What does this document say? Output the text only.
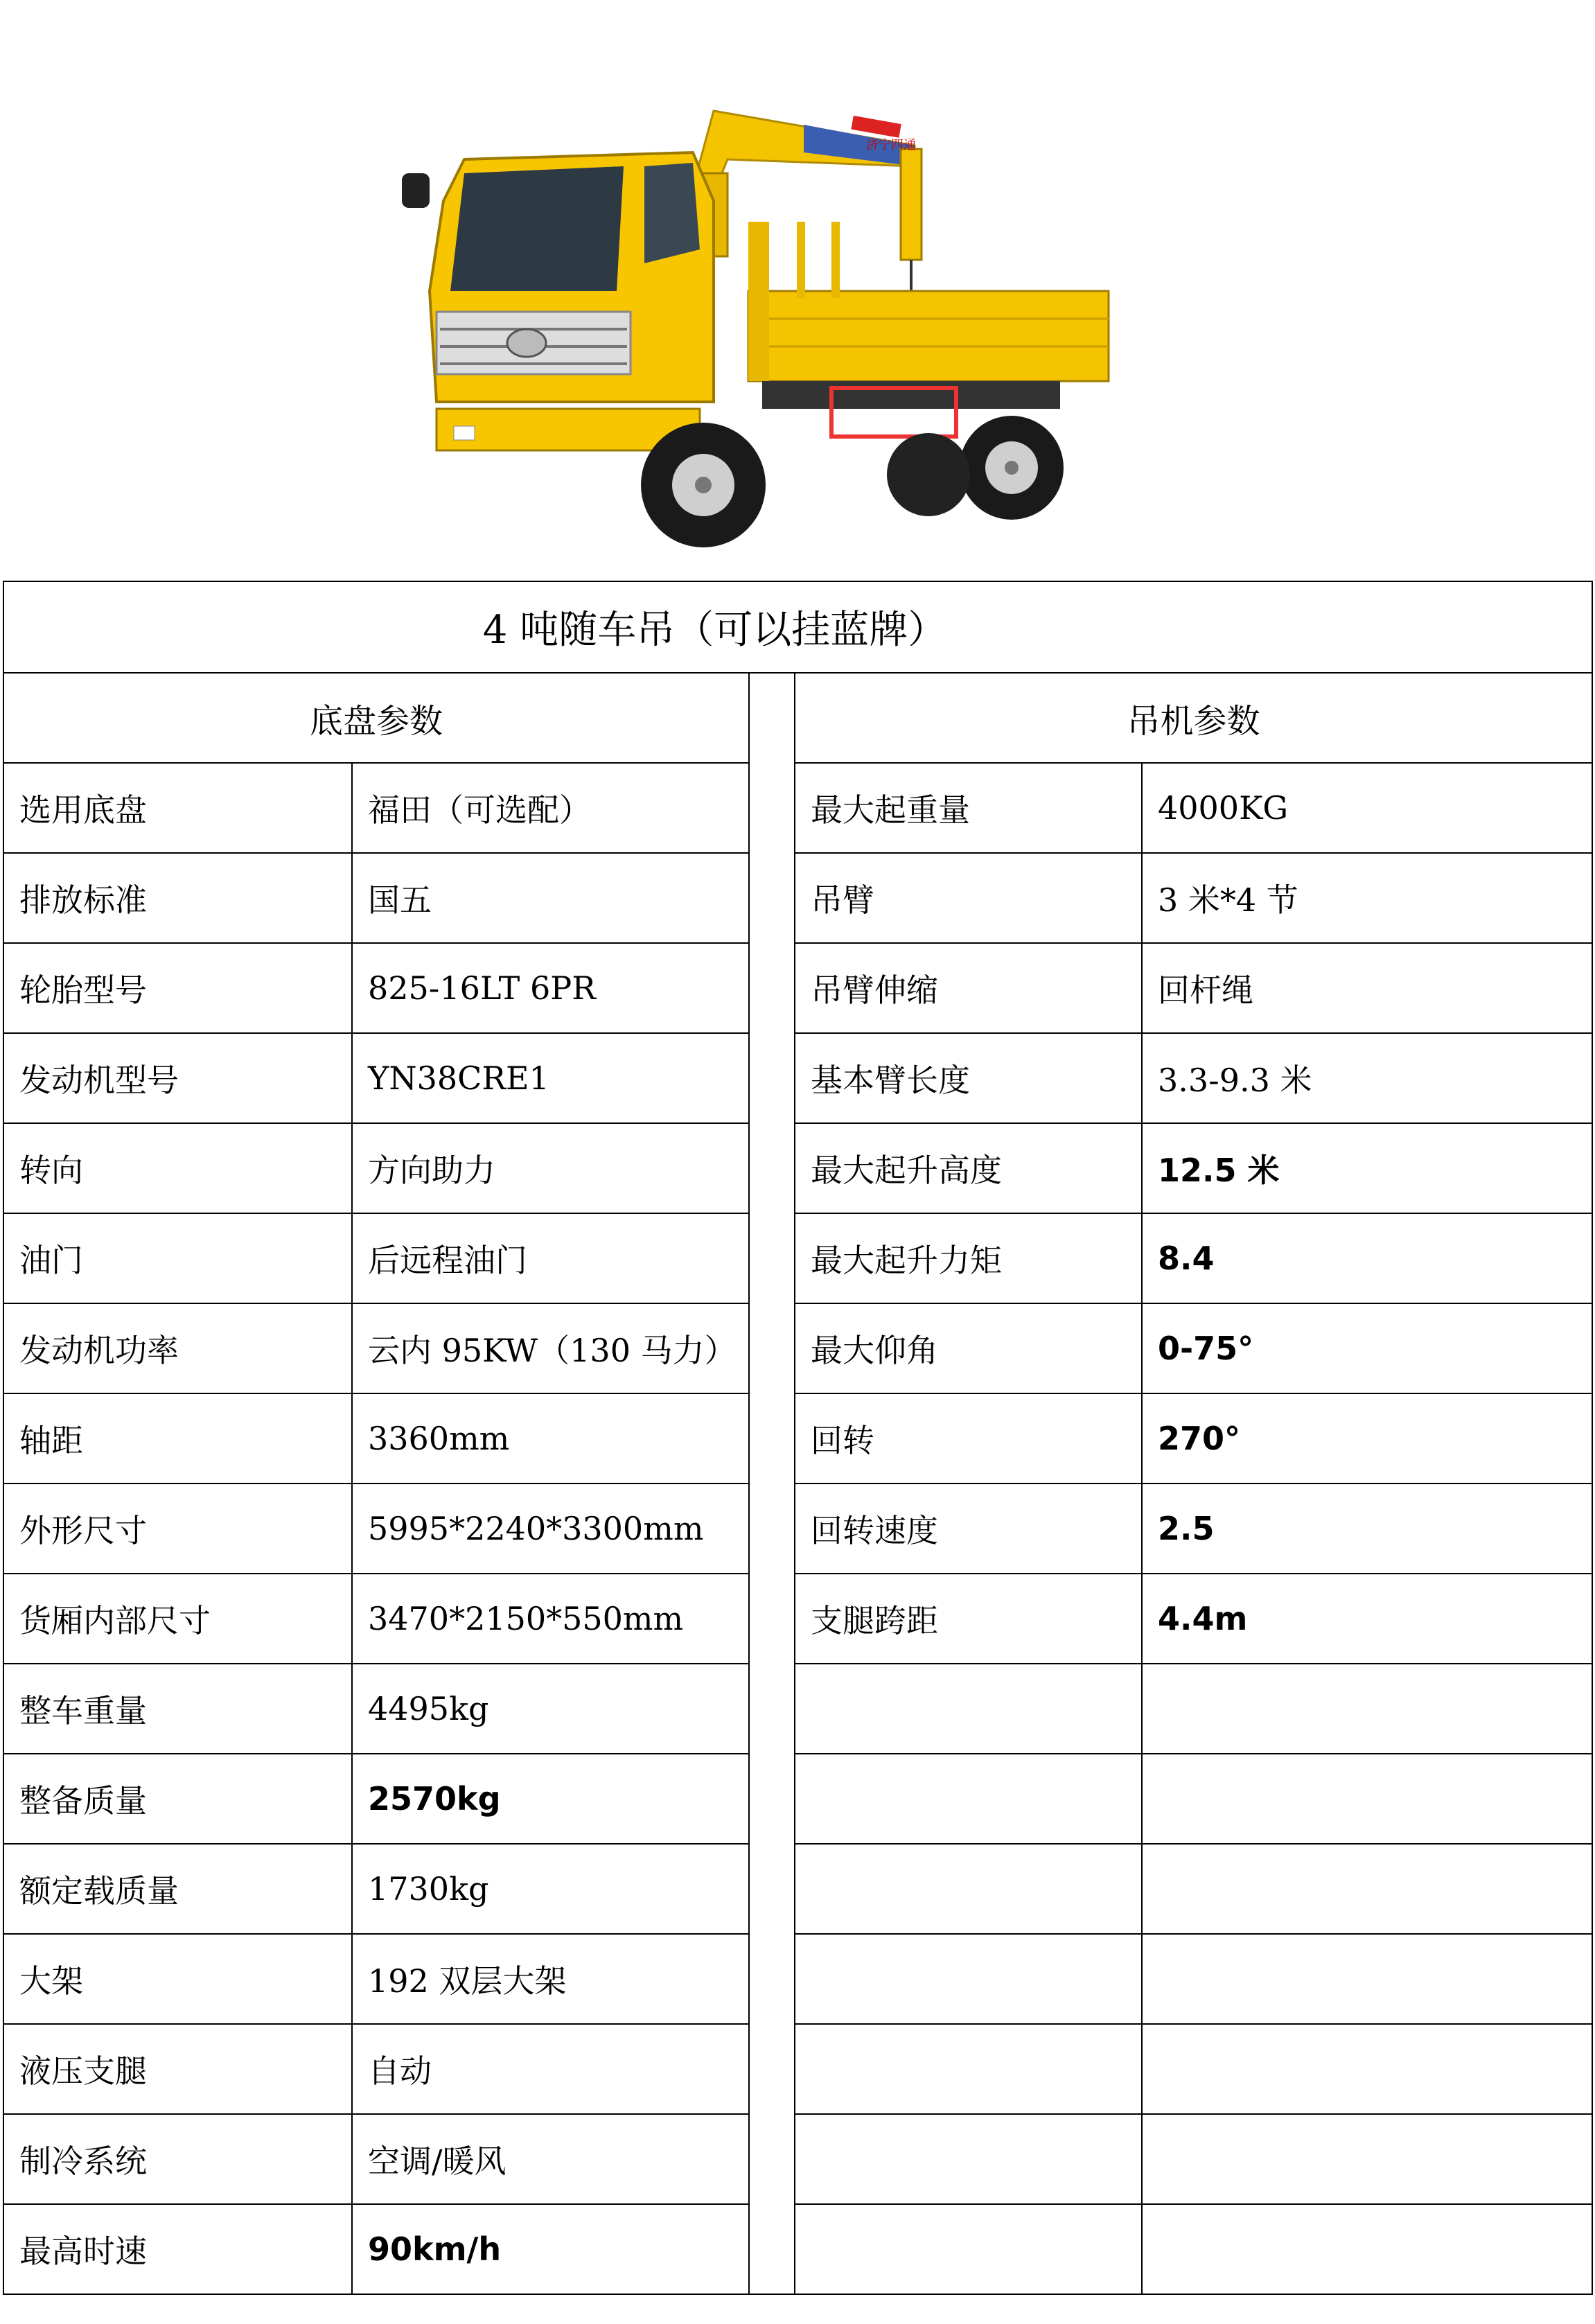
济宁四通
4 吨随车吊（可以挂蓝牌）				
底盘参数			吊机参数	
选用底盘	福田（可选配）		最大起重量	4000KG
排放标准	国五		吊臂	3 米*4 节
轮胎型号	825-16LT 6PR		吊臂伸缩	回杆绳
发动机型号	YN38CRE1		基本臂长度	3.3-9.3 米
转向	方向助力		最大起升高度	12.5 米
油门	后远程油门		最大起升力矩	8.4
发动机功率	云内 95KW（130 马力）		最大仰角	0-75°
轴距	3360mm		回转	270°
外形尺寸	5995*2240*3300mm		回转速度	2.5
货厢内部尺寸	3470*2150*550mm		支腿跨距	4.4m
整车重量	4495kg			
整备质量	2570kg			
额定载质量	1730kg			
大架	192 双层大架			
液压支腿	自动			
制冷系统	空调/暖风			
最高时速	90km/h			
